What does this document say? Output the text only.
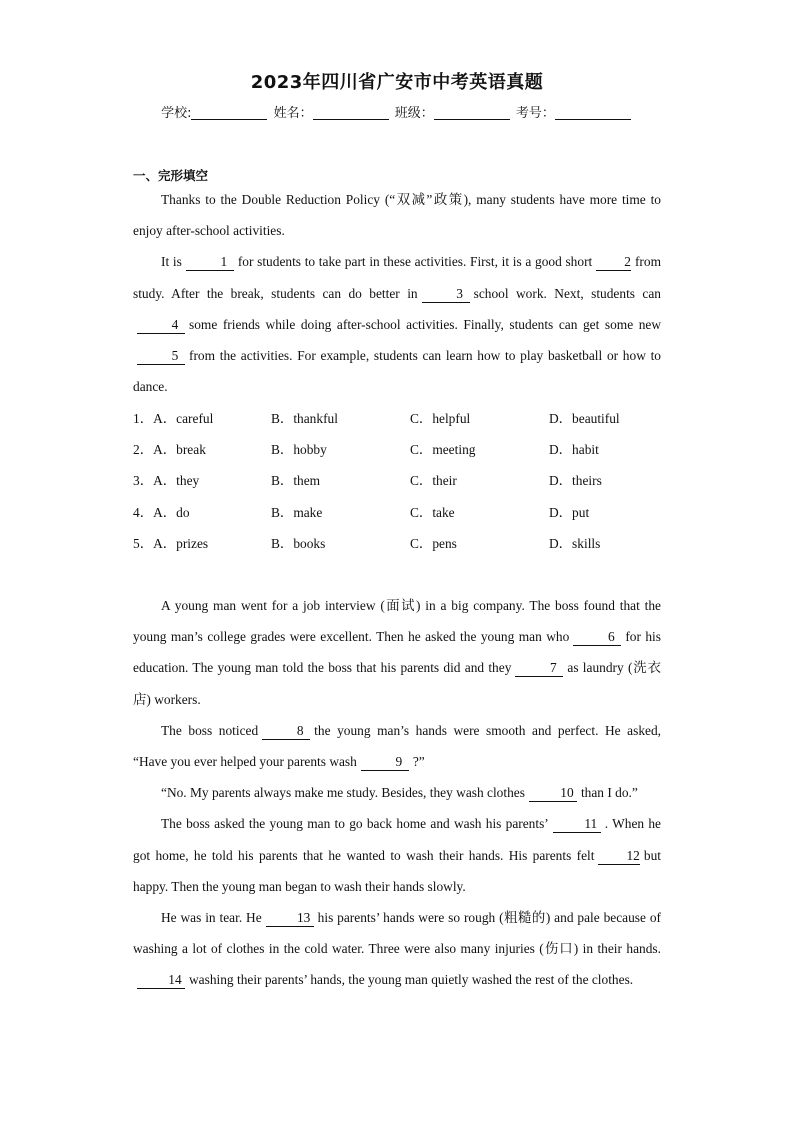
2023年四川省广安市中考英语真题
学校:	姓名：	班级：	考号：
一、完形填空

Thanks to the Double Reduction Policy (“双减”政策), many students have more time to enjoy after-school activities.

It is	1 for students to take part in these activities. First, it is a good short 2 from study. After the break, students can do better in	3 school work. Next, students can4 some friends while doing after-school activities. Finally, students can get some new5 from the activities. For example, students can learn how to play basketball or how to dance.

1．A．careful	B．thankful	C．helpful	D．beautiful
2．A．break	B．hobby	C．meeting	D．habit
3．A．they	B．them	C．their	D．theirs
4．A．do	B．make	C．take	D．put
5．A．prizes	B．books	C．pens	D．skills

A young man went for a job interview (面试) in a big company. The boss found that the young man’s college grades were excellent. Then he asked the young man who	6 for his education. The young man told the boss that his parents did and they	7 as laundry (洗衣店) workers.

The boss noticed	8 the young man’s hands were smooth and perfect. He asked, “Have you ever helped your parents wash	9 ?”

“No. My parents always make me study. Besides, they wash clothes	10 than I do.”

The boss asked the young man to go back home and wash his parents’	11 . When he got home, he told his parents that he wanted to wash their hands. His parents felt 12 but happy. Then the young man began to wash their hands slowly.

He was in tear. He	13 his parents’ hands were so rough (粗糙的) and pale because of washing a lot of clothes in the cold water. Three were also many injuries (伤口) in their hands.14 washing their parents’ hands, the young man quietly washed the rest of the clothes.
